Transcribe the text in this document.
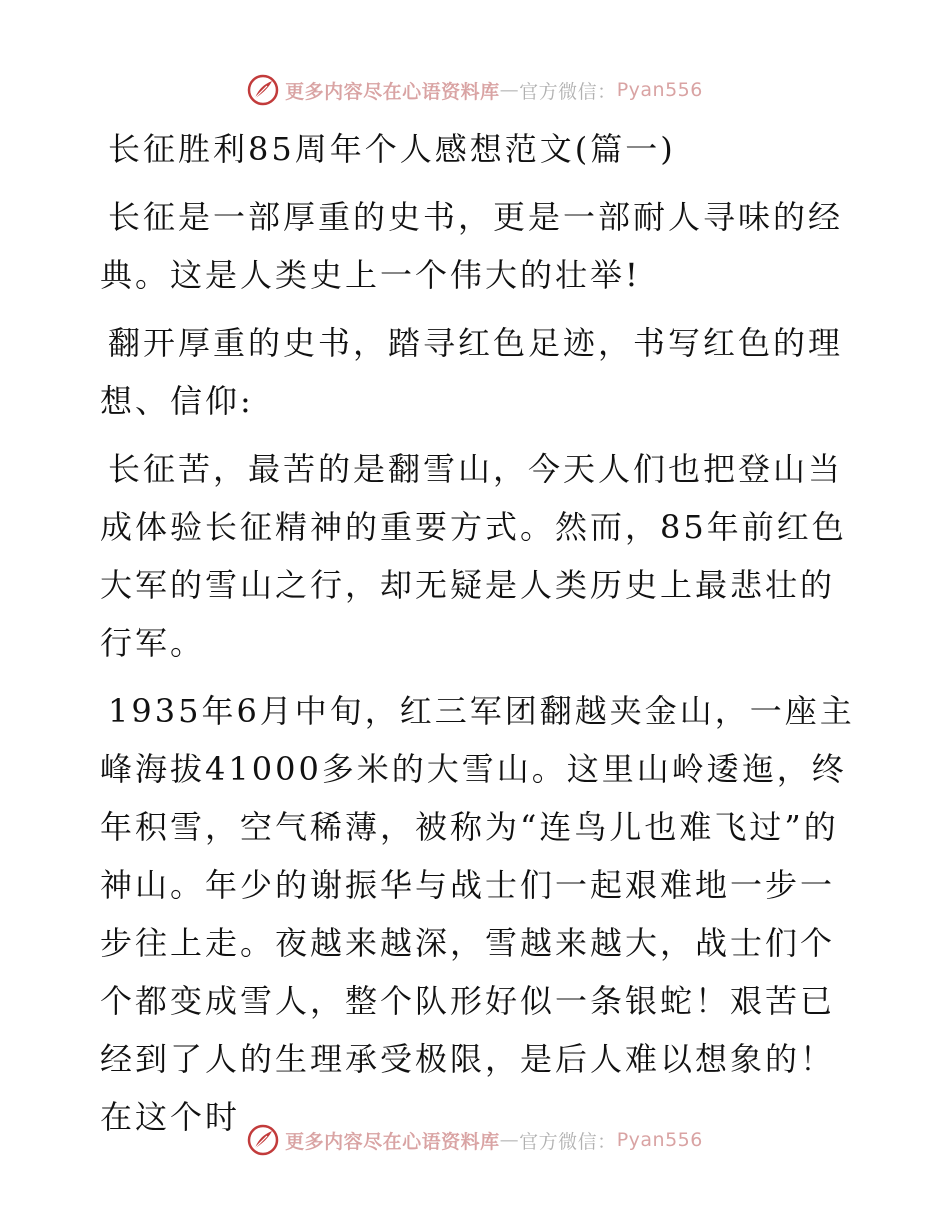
更多内容尽在心语资料库 — 官方微信： Pyan556
长征胜利85周年个人感想范文(篇一)

长征是一部厚重的史书，更是一部耐人寻味的经典。这是人类史上一个伟大的壮举!

翻开厚重的史书，踏寻红色足迹，书写红色的理想、信仰:

长征苦，最苦的是翻雪山，今天人们也把登山当成体验长征精神的重要方式。然而，85年前红色大军的雪山之行，却无疑是人类历史上最悲壮的行军。

1935年6月中旬，红三军团翻越夹金山，一座主峰海拔41000多米的大雪山。这里山岭逶迤，终年积雪，空气稀薄，被称为“连鸟儿也难飞过”的神山。年少的谢振华与战士们一起艰难地一步一步往上走。夜越来越深，雪越来越大，战士们个个都变成雪人，整个队形好似一条银蛇！艰苦已经到了人的生理承受极限，是后人难以想象的！在这个时

更多内容尽在心语资料库 — 官方微信： Pyan556
